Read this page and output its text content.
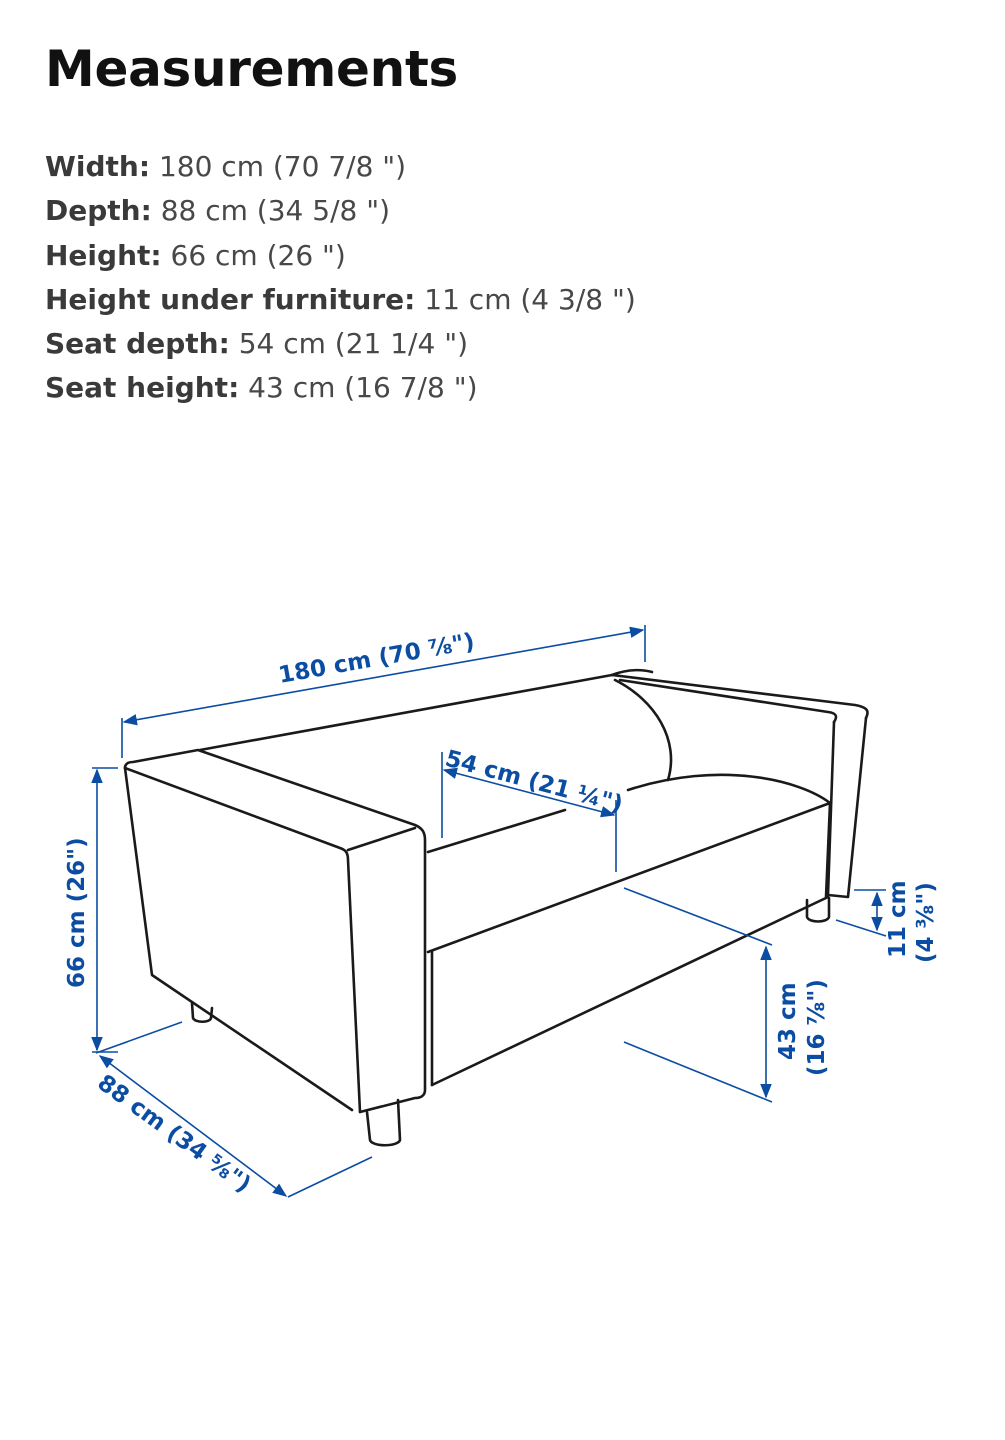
Measurements
Width: 180 cm (70 7/8 ")
Depth: 88 cm (34 5/8 ")
Height: 66 cm (26 ")
Height under furniture: 11 cm (4 3/8 ")
Seat depth: 54 cm (21 1/4 ")
Seat height: 43 cm (16 7/8 ")
180 cm (70 ⅞")
54 cm (21 ¼")
66 cm (26")
88 cm (34 ⅝")
43 cm (16 ⅞")
11 cm (4 ⅜")
